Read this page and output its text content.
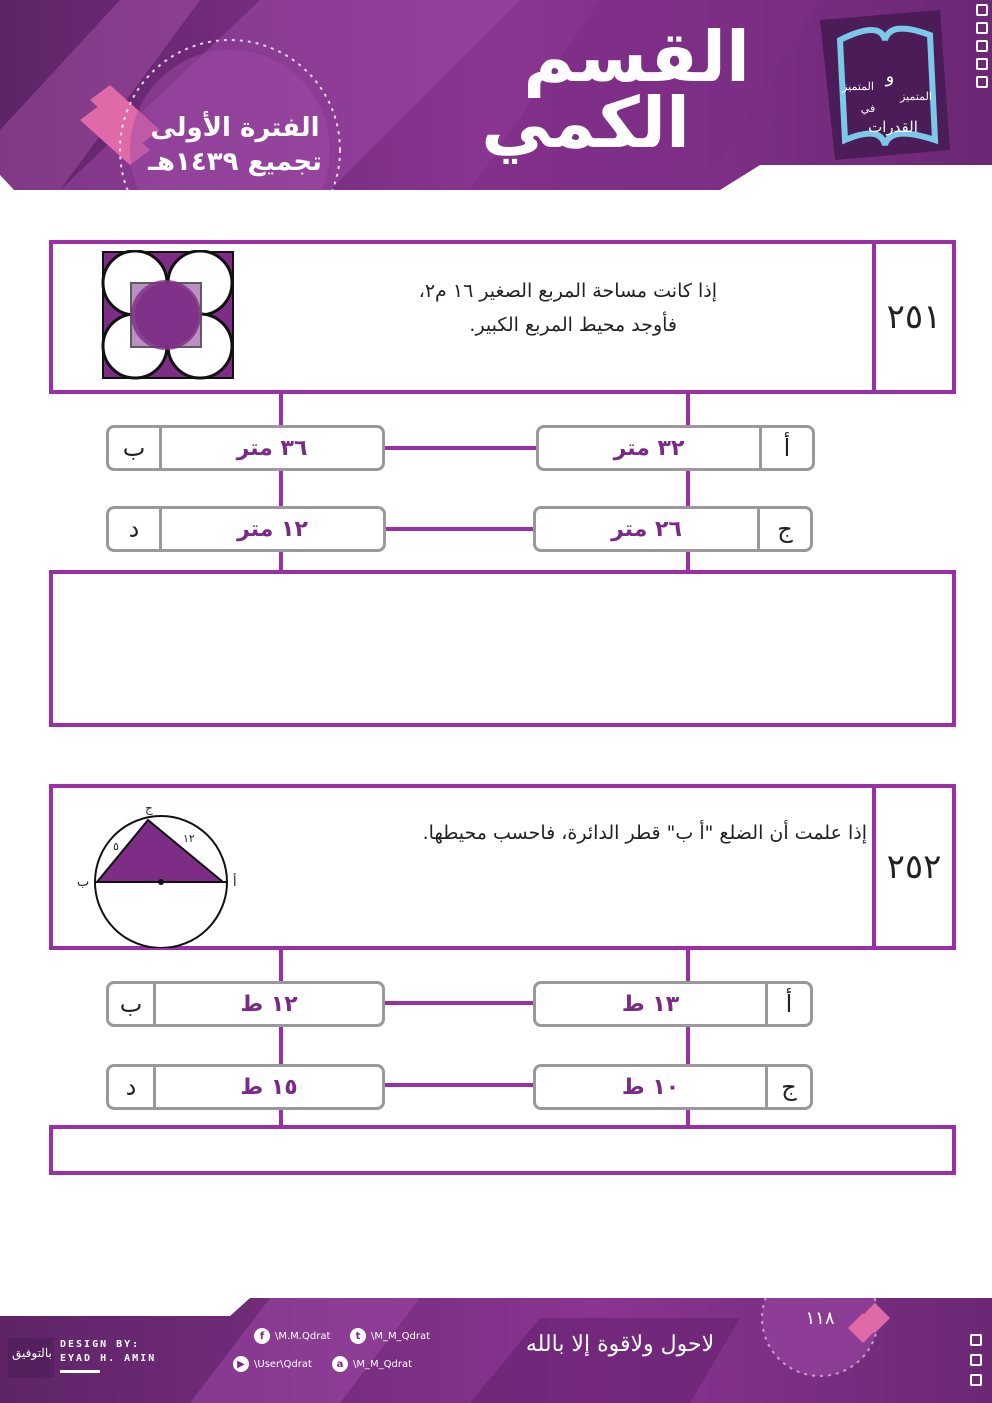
القسم
الكمي
الفترة الأولى
تجميع ١٤٣٩هـ
و
المتميز
في
القدرات
المتميز
٢٥١
إذا كانت مساحة المربع الصغير ١٦ م٢،
فأوجد محيط المربع الكبير.
ب	٣٦ متر	٣٢ متر	أ
د	١٢ متر	٢٦ متر	ج
٢٥٢
إذا علمت أن الضلع "أ ب" قطر الدائرة، فاحسب محيطها.
ج
ب	أ
٥
١٢
ب	١٢ ط	١٣ ط	أ
د	١٥ ط	١٠ ط	ج
DESIGN BY:
EYAD H. AMIN
بالتوفيق
f	\M.M.Qdrat	t	\M_M_Qdrat
▶ \User\Qdrat	a \M_M_Qdrat
لاحول ولاقوة إلا بالله
١١٨
